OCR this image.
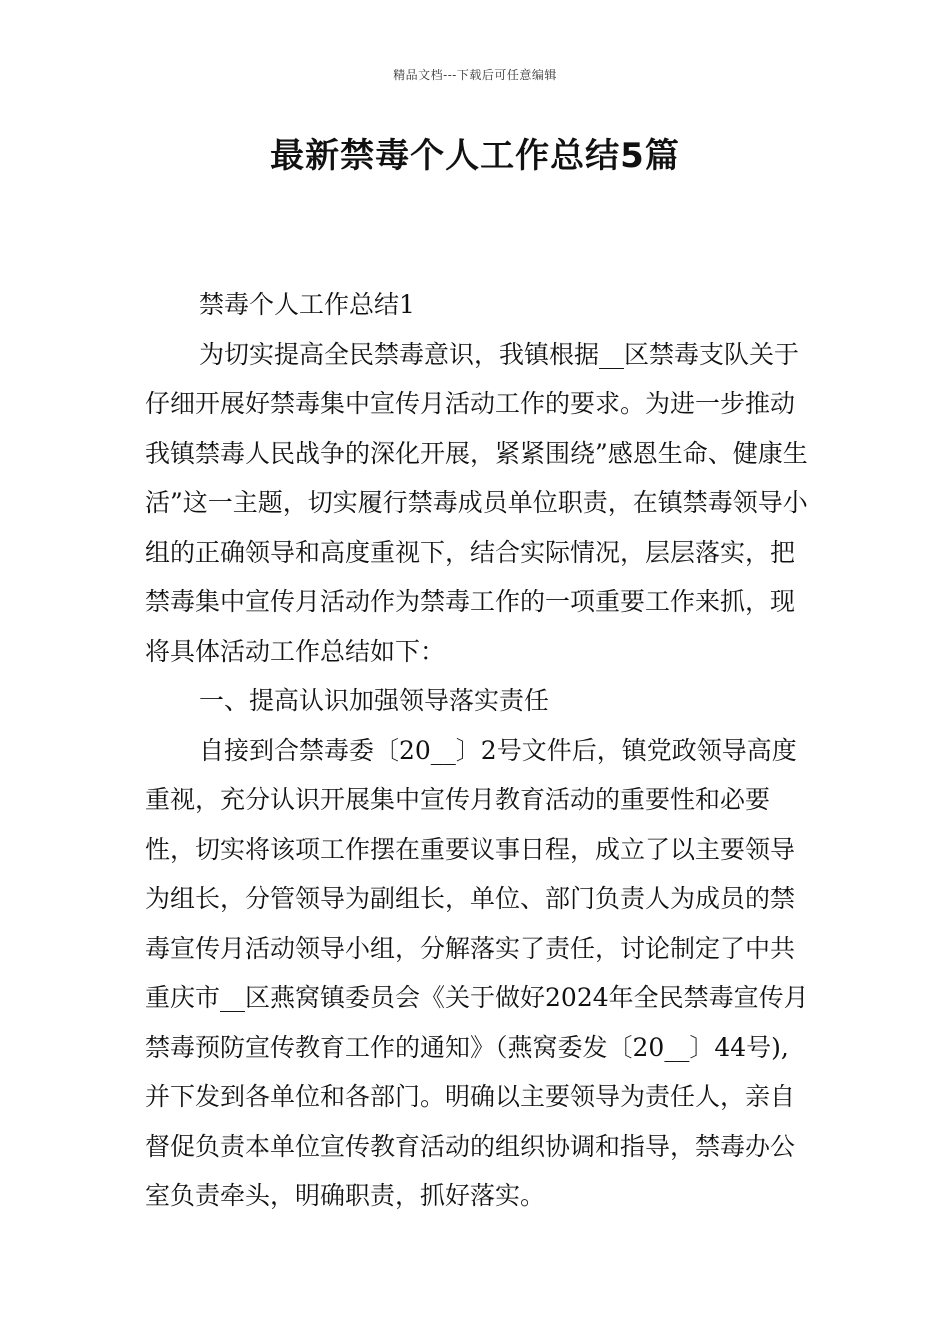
精品文档---下载后可任意编辑
最新禁毒个人工作总结5篇

禁毒个人工作总结1

为切实提高全民禁毒意识，我镇根据__区禁毒支队关于仔细开展好禁毒集中宣传月活动工作的要求。为进一步推动我镇禁毒人民战争的深化开展，紧紧围绕”感恩生命、健康生活”这一主题，切实履行禁毒成员单位职责，在镇禁毒领导小组的正确领导和高度重视下，结合实际情况，层层落实，把禁毒集中宣传月活动作为禁毒工作的一项重要工作来抓，现将具体活动工作总结如下：

一、提高认识加强领导落实责任

自接到合禁毒委〔20__〕2号文件后，镇党政领导高度重视，充分认识开展集中宣传月教育活动的重要性和必要性，切实将该项工作摆在重要议事日程，成立了以主要领导为组长，分管领导为副组长，单位、部门负责人为成员的禁毒宣传月活动领导小组，分解落实了责任，讨论制定了中共重庆市__区燕窝镇委员会《关于做好2024年全民禁毒宣传月禁毒预防宣传教育工作的通知》（燕窝委发〔20__〕44号),并下发到各单位和各部门。明确以主要领导为责任人，亲自督促负责本单位宣传教育活动的组织协调和指导，禁毒办公室负责牵头，明确职责，抓好落实。
